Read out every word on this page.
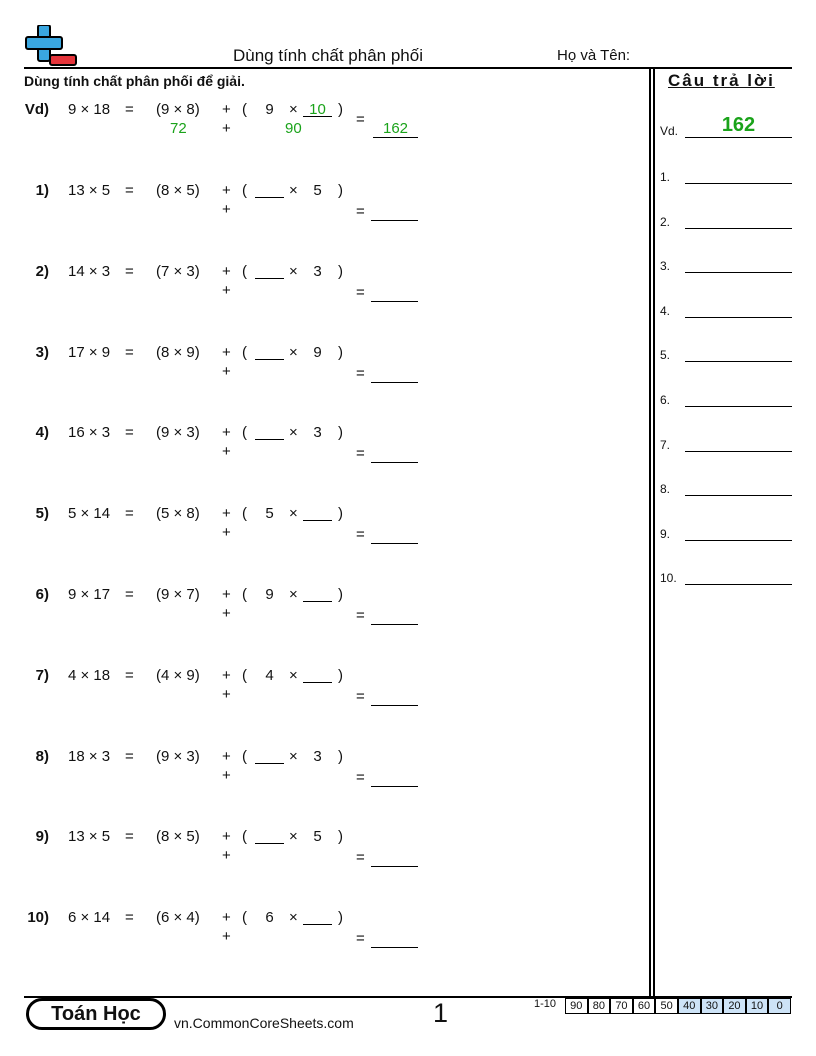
Dùng tính chất phân phối	Họ và Tên:
Dùng tính chất phân phối để giải.
Vd) 9 × 18 = (9 × 8) + (	9	× 10 )
72 +	90
=
162
1) 13 × 5 = (8 × 5) + (	×	5	)
+	=
2) 14 × 3 = (7 × 3) + (	×	3	)
+	=
3) 17 × 9 = (8 × 9) + (	×	9	)
+	=
4) 16 × 3 = (9 × 3) + (	×	3	)
+	=
5) 5 × 14 = (5 × 8) + (	5	×	)
+	=
6) 9 × 17 = (9 × 7) + (	9	×	)
+	=
7) 4 × 18 = (4 × 9) + (	4	×	)
+	=
8) 18 × 3 = (9 × 3) + (	×	3	)
+	=
9) 13 × 5 = (8 × 5) + (	×	5	)
+	=
10) 6 × 14 = (6 × 4) + (	6	×	)
+	=
Câu trả lời
Vd.	162
1.
2.
3.
4.
5.
6.
7.
8.
9.
10.
Toán Học	vn.CommonCoreSheets.com	1	1-10	90 80 70 60 50 40 30 20 10	0
